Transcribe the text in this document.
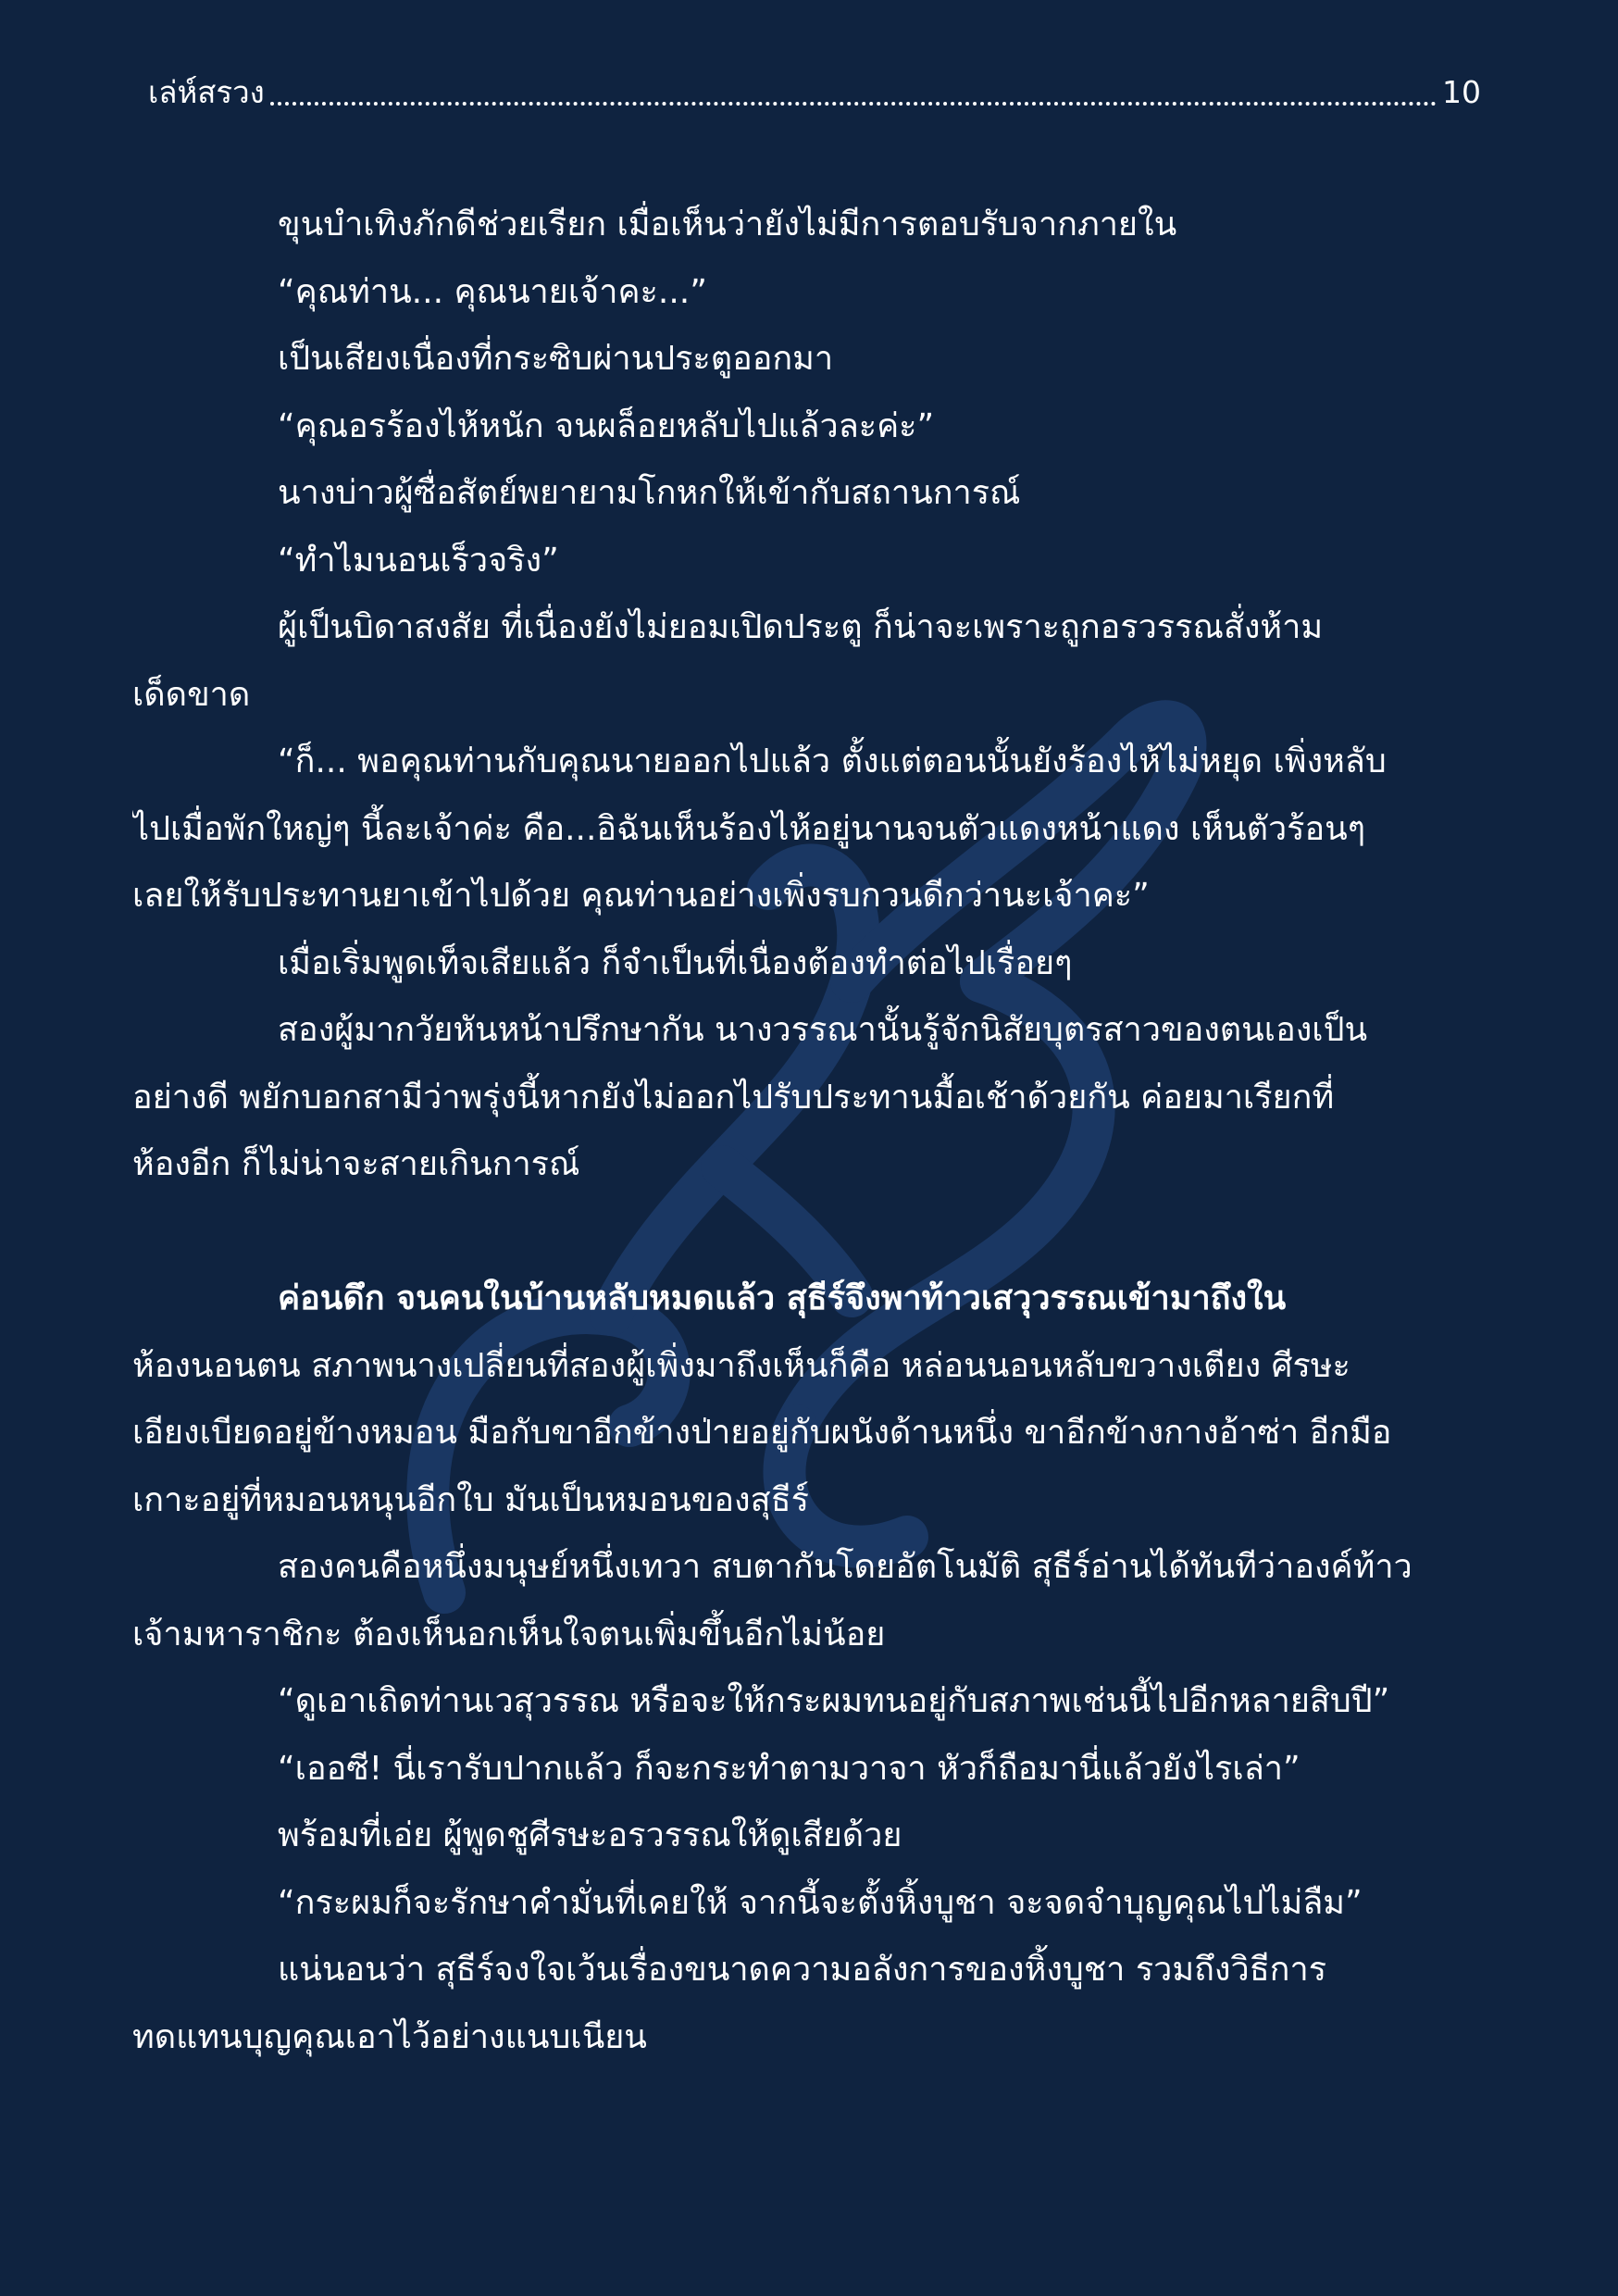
เล่ห์สรวง	10
ขุนบำเทิงภักดีช่วยเรียก เมื่อเห็นว่ายังไม่มีการตอบรับจากภายใน
“คุณท่าน... คุณนายเจ้าคะ...”
เป็นเสียงเนื่องที่กระซิบผ่านประตูออกมา
“คุณอรร้องไห้หนัก จนผล็อยหลับไปแล้วละค่ะ”
นางบ่าวผู้ซื่อสัตย์พยายามโกหกให้เข้ากับสถานการณ์
“ทำไมนอนเร็วจริง”
ผู้เป็นบิดาสงสัย ที่เนื่องยังไม่ยอมเปิดประตู ก็น่าจะเพราะถูกอรวรรณสั่งห้าม
เด็ดขาด
“ก็... พอคุณท่านกับคุณนายออกไปแล้ว ตั้งแต่ตอนนั้นยังร้องไห้ไม่หยุด เพิ่งหลับ
ไปเมื่อพักใหญ่ๆ นี้ละเจ้าค่ะ คือ...อิฉันเห็นร้องไห้อยู่นานจนตัวแดงหน้าแดง เห็นตัวร้อนๆ
เลยให้รับประทานยาเข้าไปด้วย คุณท่านอย่างเพิ่งรบกวนดีกว่านะเจ้าคะ”
เมื่อเริ่มพูดเท็จเสียแล้ว ก็จำเป็นที่เนื่องต้องทำต่อไปเรื่อยๆ
สองผู้มากวัยหันหน้าปรึกษากัน นางวรรณานั้นรู้จักนิสัยบุตรสาวของตนเองเป็น
อย่างดี พยักบอกสามีว่าพรุ่งนี้หากยังไม่ออกไปรับประทานมื้อเช้าด้วยกัน ค่อยมาเรียกที่
ห้องอีก ก็ไม่น่าจะสายเกินการณ์
ค่อนดึก จนคนในบ้านหลับหมดแล้ว สุธีร์จึงพาท้าวเสวุวรรณเข้ามาถึงใน
ห้องนอนตน สภาพนางเปลี่ยนที่สองผู้เพิ่งมาถึงเห็นก็คือ หล่อนนอนหลับขวางเตียง ศีรษะ
เอียงเบียดอยู่ข้างหมอน มือกับขาอีกข้างป่ายอยู่กับผนังด้านหนึ่ง ขาอีกข้างกางอ้าซ่า อีกมือ
เกาะอยู่ที่หมอนหนุนอีกใบ มันเป็นหมอนของสุธีร์
สองคนคือหนึ่งมนุษย์หนึ่งเทวา สบตากันโดยอัตโนมัติ สุธีร์อ่านได้ทันทีว่าองค์ท้าว
เจ้ามหาราชิกะ ต้องเห็นอกเห็นใจตนเพิ่มขึ้นอีกไม่น้อย
“ดูเอาเถิดท่านเวสุวรรณ หรือจะให้กระผมทนอยู่กับสภาพเช่นนี้ไปอีกหลายสิบปี”
“เออซี! นี่เรารับปากแล้ว ก็จะกระทำตามวาจา หัวก็ถือมานี่แล้วยังไรเล่า”
พร้อมที่เอ่ย ผู้พูดชูศีรษะอรวรรณให้ดูเสียด้วย
“กระผมก็จะรักษาคำมั่นที่เคยให้ จากนี้จะตั้งหิ้งบูชา จะจดจำบุญคุณไปไม่ลืม”
แน่นอนว่า สุธีร์จงใจเว้นเรื่องขนาดความอลังการของหิ้งบูชา รวมถึงวิธีการ
ทดแทนบุญคุณเอาไว้อย่างแนบเนียน
